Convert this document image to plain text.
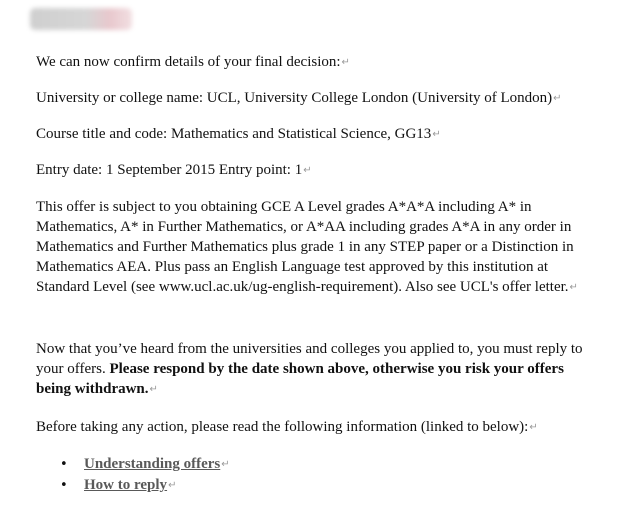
We can now confirm details of your final decision:↵

University or college name: UCL, University College London (University of London)↵

Course title and code: Mathematics and Statistical Science, GG13↵

Entry date: 1 September 2015 Entry point: 1↵

This offer is subject to you obtaining GCE A Level grades A*A*A including A* in Mathematics, A* in Further Mathematics, or A*AA including grades A*A in any order in Mathematics and Further Mathematics plus grade 1 in any STEP paper or a Distinction in Mathematics AEA. Plus pass an English Language test approved by this institution at Standard Level (see www.ucl.ac.uk/ug-english-requirement). Also see UCL's offer letter.↵

Now that you’ve heard from the universities and colleges you applied to, you must reply to your offers. Please respond by the date shown above, otherwise you risk your offers being withdrawn.↵

Before taking any action, please read the following information (linked to below):↵

• Understanding offers↵
• How to reply↵
